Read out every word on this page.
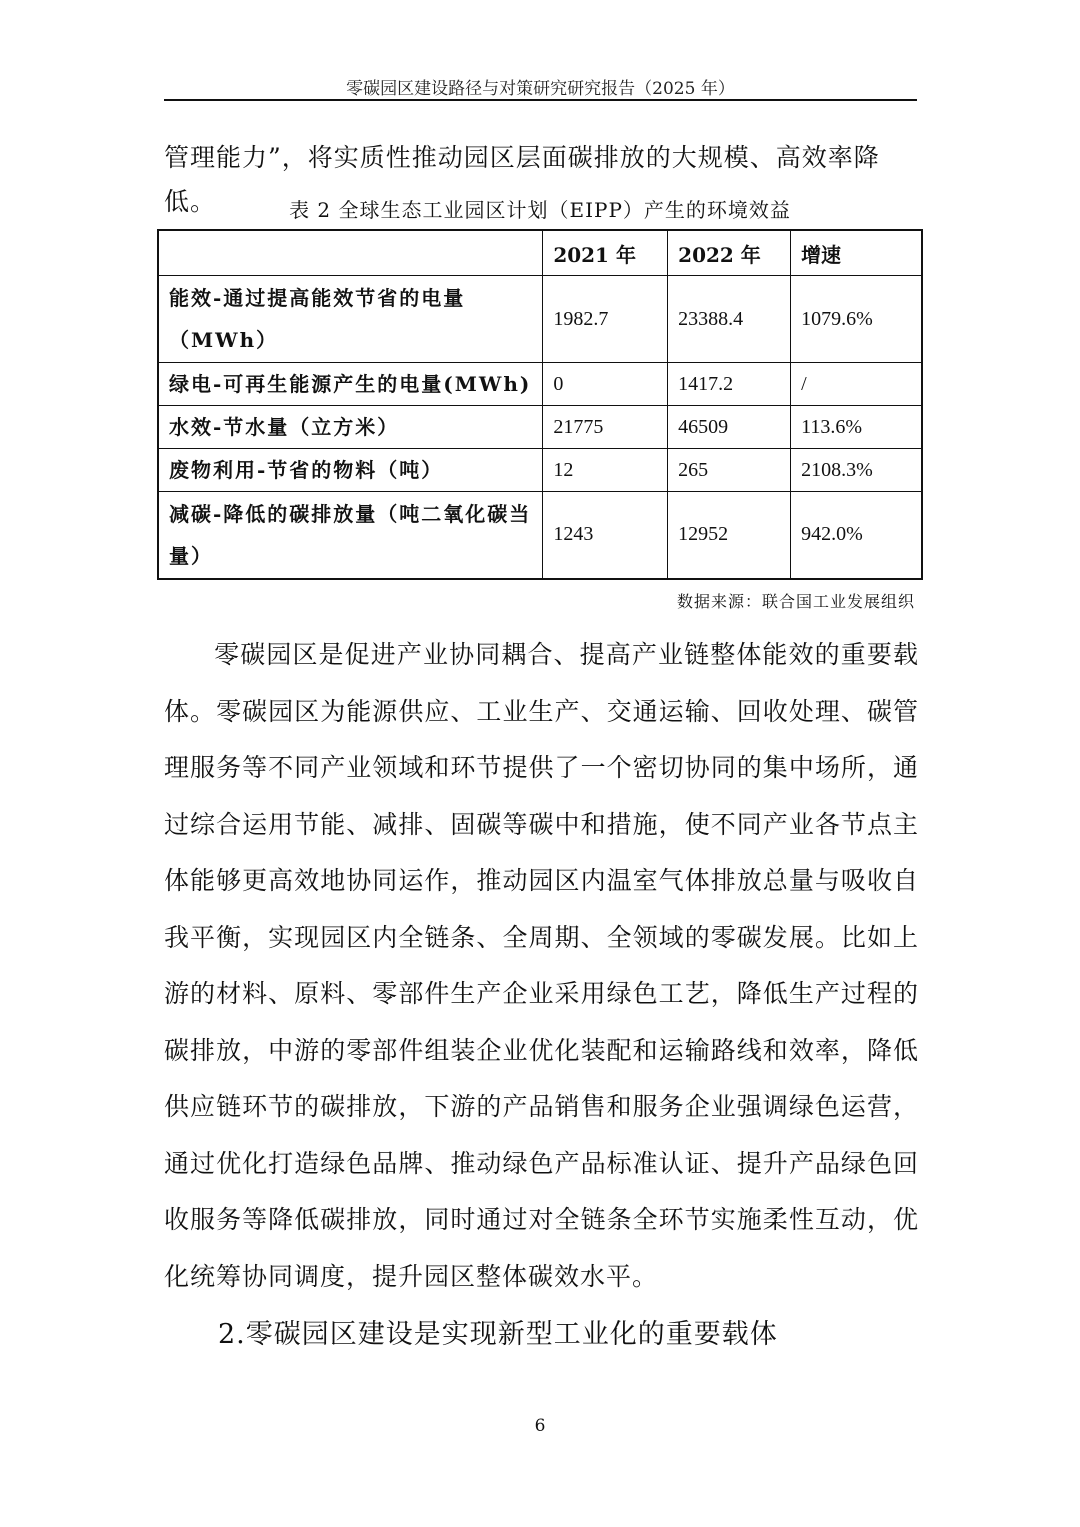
零碳园区建设路径与对策研究研究报告（2025 年）
管理能力”，将实质性推动园区层面碳排放的大规模、高效率降低。	表 2 全球生态工业园区计划（EIPP）产生的环境效益
	2021 年	2022 年	增速
能效-通过提高能效节省的电量（MWh）	1982.7	23388.4	1079.6%
绿电-可再生能源产生的电量(MWh)	0	1417.2	/
水效-节水量（立方米）	21775	46509	113.6%
废物利用-节省的物料（吨）	12	265	2108.3%
减碳-降低的碳排放量（吨二氧化碳当量）	1243	12952	942.0%
数据来源：联合国工业发展组织
零碳园区是促进产业协同耦合、提高产业链整体能效的重要载体。零碳园区为能源供应、工业生产、交通运输、回收处理、碳管理服务等不同产业领域和环节提供了一个密切协同的集中场所，通过综合运用节能、减排、固碳等碳中和措施，使不同产业各节点主体能够更高效地协同运作，推动园区内温室气体排放总量与吸收自我平衡，实现园区内全链条、全周期、全领域的零碳发展。比如上游的材料、原料、零部件生产企业采用绿色工艺，降低生产过程的碳排放，中游的零部件组装企业优化装配和运输路线和效率，降低供应链环节的碳排放，下游的产品销售和服务企业强调绿色运营，通过优化打造绿色品牌、推动绿色产品标准认证、提升产品绿色回收服务等降低碳排放，同时通过对全链条全环节实施柔性互动，优化统筹协同调度，提升园区整体碳效水平。
2.零碳园区建设是实现新型工业化的重要载体
6
